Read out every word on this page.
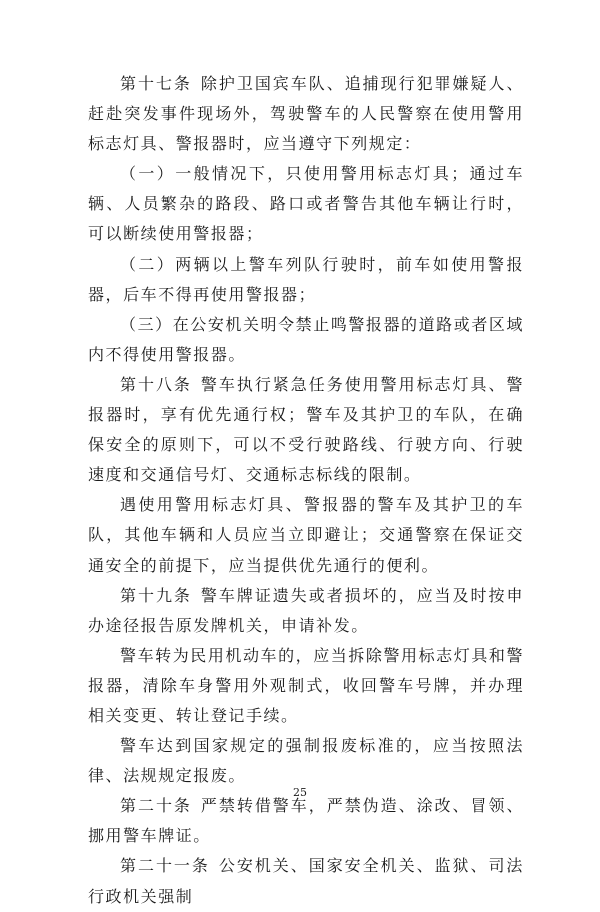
第十七条 除护卫国宾车队、追捕现行犯罪嫌疑人、赶赴突发事件现场外，驾驶警车的人民警察在使用警用标志灯具、警报器时，应当遵守下列规定：

（一）一般情况下，只使用警用标志灯具；通过车辆、人员繁杂的路段、路口或者警告其他车辆让行时，可以断续使用警报器；

（二）两辆以上警车列队行驶时，前车如使用警报器，后车不得再使用警报器；

（三）在公安机关明令禁止鸣警报器的道路或者区域内不得使用警报器。

第十八条 警车执行紧急任务使用警用标志灯具、警报器时，享有优先通行权；警车及其护卫的车队，在确保安全的原则下，可以不受行驶路线、行驶方向、行驶速度和交通信号灯、交通标志标线的限制。

遇使用警用标志灯具、警报器的警车及其护卫的车队，其他车辆和人员应当立即避让；交通警察在保证交通安全的前提下，应当提供优先通行的便利。

第十九条 警车牌证遗失或者损坏的，应当及时按申办途径报告原发牌机关，申请补发。

警车转为民用机动车的，应当拆除警用标志灯具和警报器，清除车身警用外观制式，收回警车号牌，并办理相关变更、转让登记手续。

警车达到国家规定的强制报废标准的，应当按照法律、法规规定报废。

第二十条 严禁转借警车，严禁伪造、涂改、冒领、挪用警车牌证。

第二十一条 公安机关、国家安全机关、监狱、司法行政机关强制

25
